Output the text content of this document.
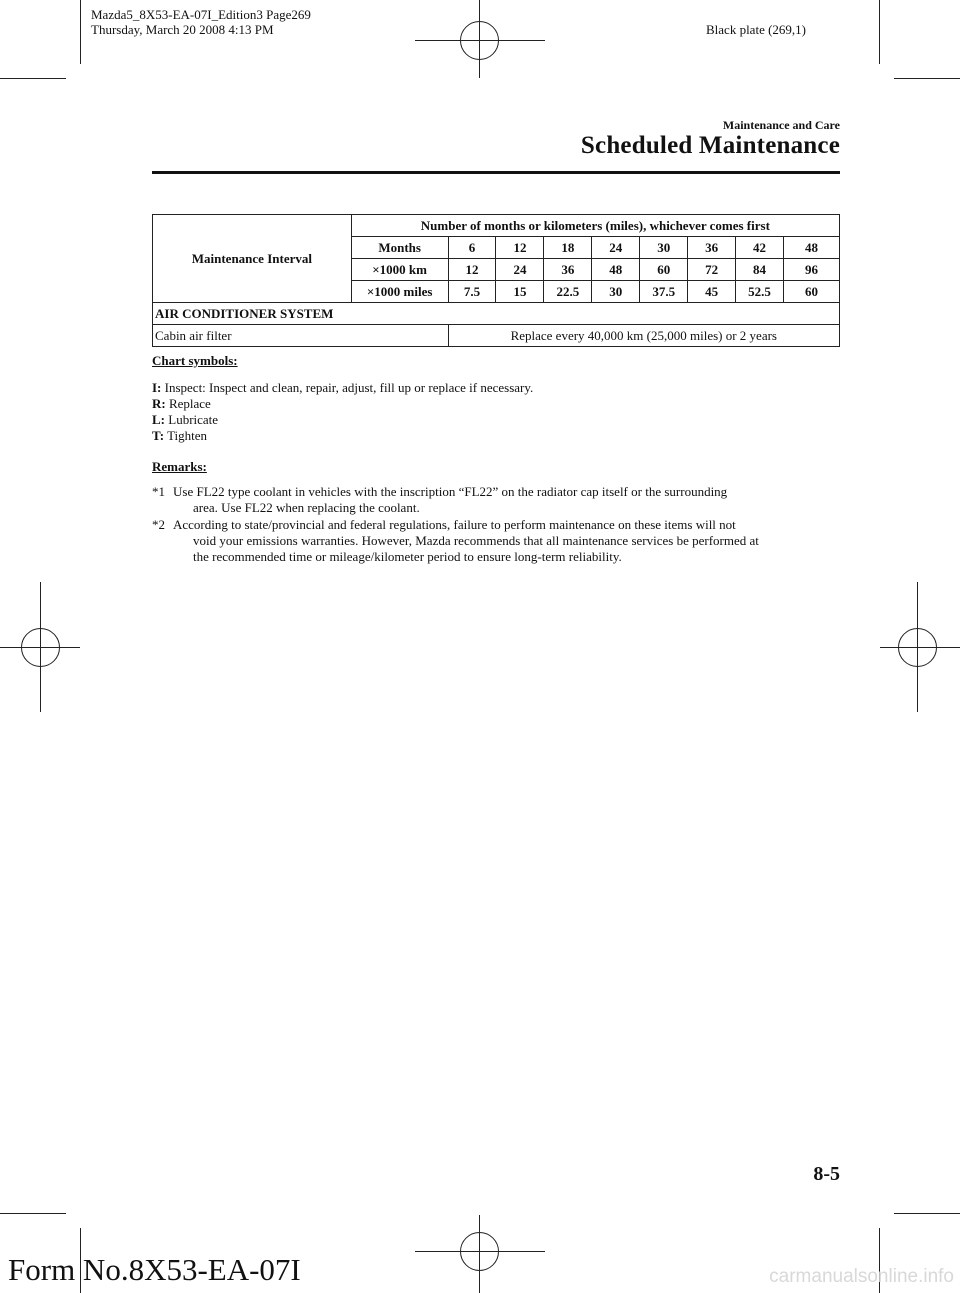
Mazda5_8X53-EA-07I_Edition3 Page269
Thursday, March 20 2008 4:13 PM	Black plate (269,1)
Maintenance and Care
Scheduled Maintenance
Maintenance Interval	Number of months or kilometers (miles), whichever comes first								
	Months	6	12	18	24	30	36	42	48
	×1000 km	12	24	36	48	60	72	84	96
	×1000 miles	7.5	15	22.5	30	37.5	45	52.5	60
AIR CONDITIONER SYSTEM									
Cabin air filter		Replace every 40,000 km (25,000 miles) or 2 years							
Chart symbols:
I: Inspect: Inspect and clean, repair, adjust, fill up or replace if necessary.
R: Replace
L: Lubricate
T: Tighten
Remarks:
*1 Use FL22 type coolant in vehicles with the inscription “FL22” on the radiator cap itself or the surrounding
area. Use FL22 when replacing the coolant.
*2 According to state/provincial and federal regulations, failure to perform maintenance on these items will not
void your emissions warranties. However, Mazda recommends that all maintenance services be performed at
the recommended time or mileage/kilometer period to ensure long-term reliability.
8-5
Form No.8X53-EA-07I	carmanualsonline.info
